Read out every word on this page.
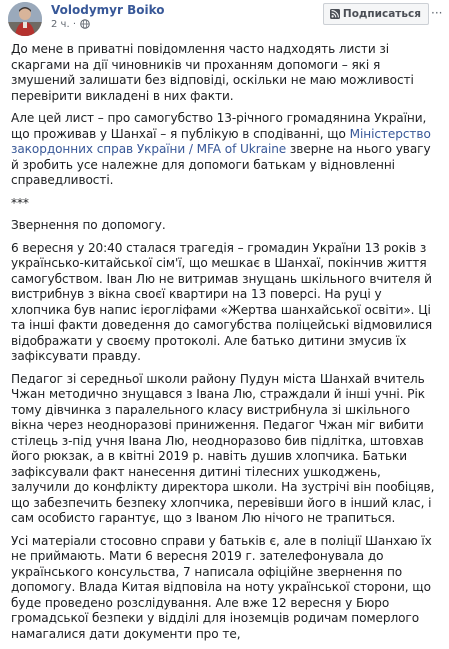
Volodymyr Boiko
2 ч. ·
Подписаться ···

До мене в приватні повідомлення часто надходять листи зі скаргами на дії чиновників чи проханням допомоги – які я змушений залишати без відповіді, оскільки не маю можливості перевірити викладені в них факти.

Але цей лист – про самогубство 13-річного громадянина України, що проживав у Шанхаї – я публікую в сподіванні, що Міністерство закордонних справ України / MFA of Ukraine зверне на нього увагу й зробить усе належне для допомоги батькам у відновленні справедливості.

***

Звернення по допомогу.

6 вересня у 20:40 сталася трагедія – громадин України 13 років з українсько-китайської сім'ї, що мешкає в Шанхаї, покінчив життя самогубством. Іван Лю не витримав знущань шкільного вчителя й вистрибнув з вікна своєї квартири на 13 поверсі. На руці у хлопчика був напис ієрогліфами «Жертва шанхайської освіти». Ці та інші факти доведення до самогубства поліцейські відмовилися відображати у своєму протоколі. Але батько дитини змусив їх зафіксувати правду.

Педагог зі середньої школи району Пудун міста Шанхай вчитель Чжан методично знущався з Івана Лю, страждали й інші учні. Рік тому дівчинка з паралельного класу вистрибнула зі шкільного вікна через неодноразові приниження. Педагог Чжан міг вибити стілець з-під учня Івана Лю, неодноразово бив підлітка, штовхав його рюкзак, а в квітні 2019 р. навіть душив хлопчика. Батьки зафіксували факт нанесення дитині тілесних ушкоджень, залучили до конфлікту директора школи. На зустрічі він пообіцяв, що забезпечить безпеку хлопчика, перевівши його в інший клас, і сам особисто гарантує, що з Іваном Лю нічого не трапиться.

Усі матеріали стосовно справи у батьків є, але в поліції Шанхаю їх не приймають. Мати 6 вересня 2019 г. зателефонувала до українського консульства, 7 написала офіційне звернення по допомогу. Влада Китая відповіла на ноту української сторони, що буде проведено розслідування. Але вже 12 вересня у Бюро громадської безпеки у відділі для іноземців родичам померлого намагалися дати документи про те,
